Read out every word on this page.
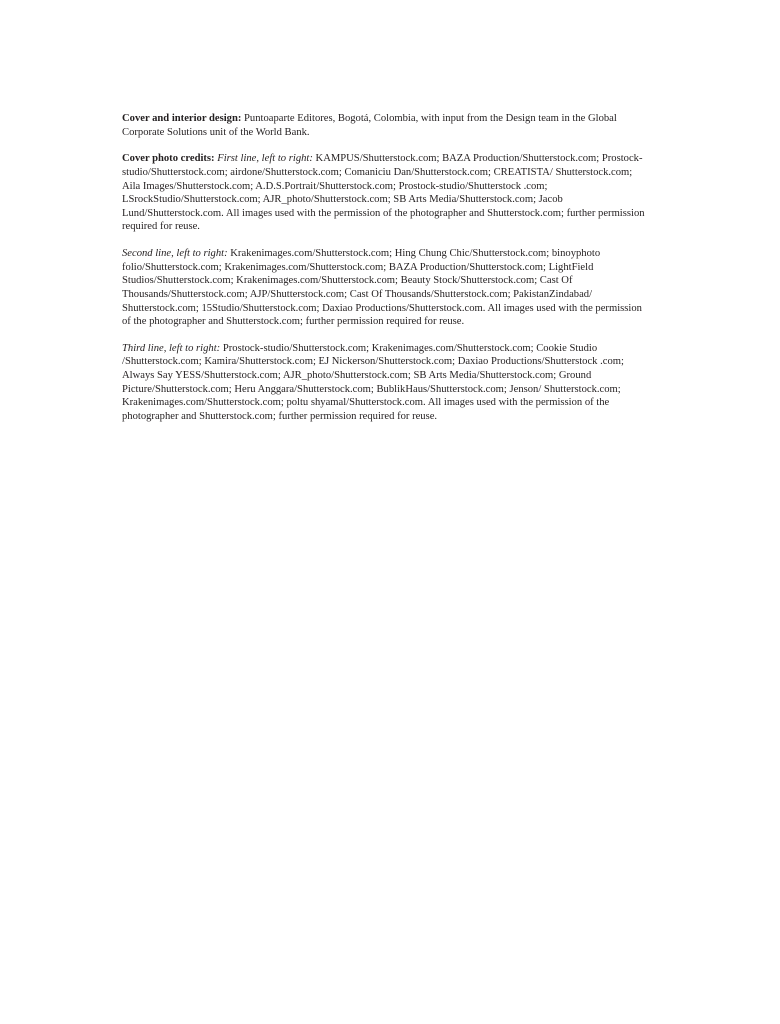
Cover and interior design: Puntoaparte Editores, Bogotá, Colombia, with input from the Design team in the Global Corporate Solutions unit of the World Bank.

Cover photo credits: First line, left to right: KAMPUS/Shutterstock.com; BAZA Production/Shutterstock.com; Prostock-studio/Shutterstock.com; airdone/Shutterstock.com; Comaniciu Dan/Shutterstock.com; CREATISTA/ Shutterstock.com; Aila Images/Shutterstock.com; A.D.S.Portrait/Shutterstock.com; Prostock-studio/Shutterstock .com; LSrockStudio/Shutterstock.com; AJR_photo/Shutterstock.com; SB Arts Media/Shutterstock.com; Jacob Lund/Shutterstock.com. All images used with the permission of the photographer and Shutterstock.com; further permission required for reuse.

Second line, left to right: Krakenimages.com/Shutterstock.com; Hing Chung Chic/Shutterstock.com; binoyphoto folio/Shutterstock.com; Krakenimages.com/Shutterstock.com; BAZA Production/Shutterstock.com; LightField Studios/Shutterstock.com; Krakenimages.com/Shutterstock.com; Beauty Stock/Shutterstock.com; Cast Of Thousands/Shutterstock.com; AJP/Shutterstock.com; Cast Of Thousands/Shutterstock.com; PakistanZindabad/ Shutterstock.com; 15Studio/Shutterstock.com; Daxiao Productions/Shutterstock.com. All images used with the permission of the photographer and Shutterstock.com; further permission required for reuse.

Third line, left to right: Prostock-studio/Shutterstock.com; Krakenimages.com/Shutterstock.com; Cookie Studio /Shutterstock.com; Kamira/Shutterstock.com; EJ Nickerson/Shutterstock.com; Daxiao Productions/Shutterstock .com; Always Say YESS/Shutterstock.com; AJR_photo/Shutterstock.com; SB Arts Media/Shutterstock.com; Ground Picture/Shutterstock.com; Heru Anggara/Shutterstock.com; BublikHaus/Shutterstock.com; Jenson/ Shutterstock.com; Krakenimages.com/Shutterstock.com; poltu shyamal/Shutterstock.com. All images used with the permission of the photographer and Shutterstock.com; further permission required for reuse.
